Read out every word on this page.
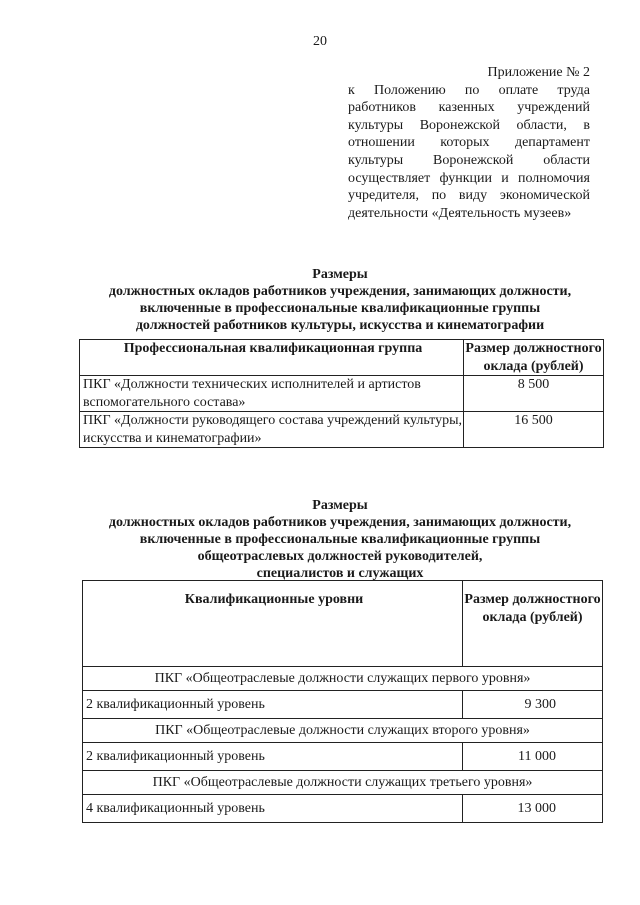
20
Приложение № 2
к Положению по оплате труда работников казенных учреждений культуры Воронежской области, в отношении которых департамент культуры Воронежской области осуществляет функции и полномочия учредителя, по виду экономической деятельности «Деятельность музеев»
Размеры
должностных окладов работников учреждения, занимающих должности,
включенные в профессиональные квалификационные группы
должностей работников культуры, искусства и кинематографии
Профессиональная квалификационная группа	Размер должностного оклада (рублей)
ПКГ «Должности технических исполнителей и артистов вспомогательного состава»	8 500
ПКГ «Должности руководящего состава учреждений культуры, искусства и кинематографии»	16 500
Размеры
должностных окладов работников учреждения, занимающих должности,
включенные в профессиональные квалификационные группы
общеотраслевых должностей руководителей,
специалистов и служащих
Квалификационные уровни	Размер должностного оклада (рублей)
ПКГ «Общеотраслевые должности служащих первого уровня»	
2 квалификационный уровень	9 300
ПКГ «Общеотраслевые должности служащих второго уровня»	
2 квалификационный уровень	11 000
ПКГ «Общеотраслевые должности служащих третьего уровня»	
4 квалификационный уровень	13 000
